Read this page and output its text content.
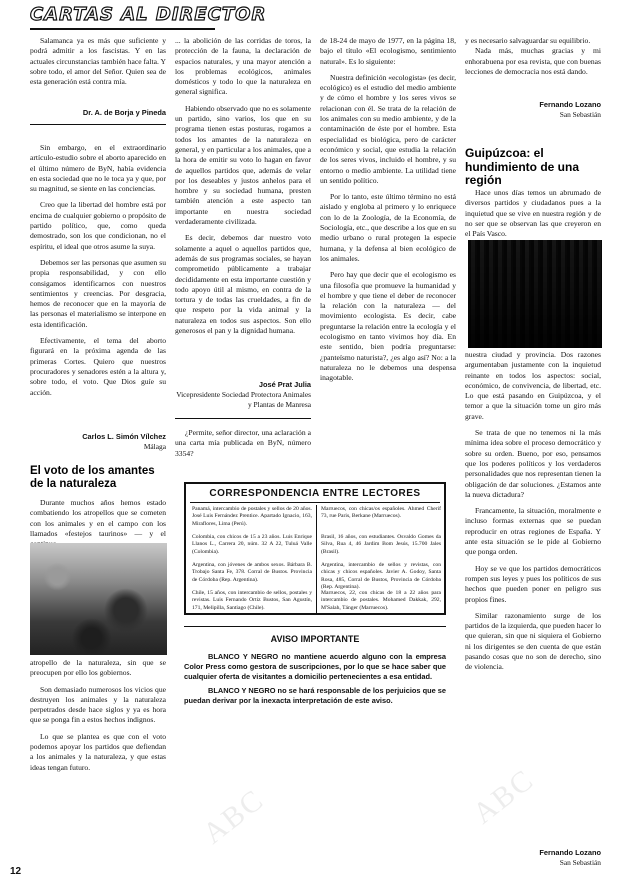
CARTAS AL DIRECTOR

Salamanca ya es más que suficiente y podrá admitir a los fascistas. Y en las actuales circunstancias también hace falta. Y sobre todo, el amor del Señor. Quien sea de esta generación está contra mía.

Dr. A. de Borja y Pineda

Sin embargo, en el extraordinario artículo-estudio sobre el aborto aparecido en el último número de ByN, había evidencia en esta sociedad que no le toca ya y que, por su magnitud, se siente en las conciencias.

Creo que la libertad del hombre está por encima de cualquier gobierno o propósito de partido político, que, como queda demostrado, son los que condicionan, no el espíritu, el ideal que otros asume la suya.

Debemos ser las personas que asumen su propia responsabilidad, y con ello consigamos identificarnos con nuestros sentimientos y creencias. Por desgracia, hemos de reconocer que en la mayoría de las personas el materialismo se interpone en esta identificación.

Efectivamente, el tema del aborto figurará en la próxima agenda de las primeras Cortes. Quiero que nuestros procuradores y senadores estén a la altura y, sobre todo, el voto. Que Dios guíe su acción.

Carlos L. Simón Vílchez
Málaga
El voto de los amantes de la naturaleza

Durante muchos años hemos estado combatiendo los atropellos que se cometen con los animales y en el campo con los llamados «festejos taurinos» — y el

atropello de la naturaleza, sin que se preocupen por ello los gobiernos.

Son demasiado numerosos los vicios que destruyen los animales y la naturaleza perpetrados desde hace siglos y ya es hora que se ponga fin a estos hechos indignos.

Lo que se plantea es que con el voto podemos apoyar los partidos que defiendan a los animales y la naturaleza, y que estas ideas tengan futuro.

... la abolición de las corridas de toros, la protección de la fauna, la declaración de espacios naturales, y una mayor atención a los problemas ecológicos, animales domésticos y todo lo que la naturaleza en general significa.

Habiendo observado que no es solamente un partido, sino varios, los que en su programa tienen estas posturas, rogamos a todos los amantes de la naturaleza en general, y en particular a los animales, que a la hora de emitir su voto lo hagan en favor de aquellos partidos que, además de velar por los deseables y justos anhelos para el hombre y su sociedad humana, presten también atención a este aspecto tan importante en nuestra sociedad verdaderamente civilizada.

Es decir, debemos dar nuestro voto solamente a aquel o aquellos partidos que, además de sus programas sociales, se hayan comprometido públicamente a trabajar decididamente en esta importante cuestión y todo apoyo útil al mismo, en contra de la tortura y de todas las crueldades, a fin de que respeto por la vida animal y la naturaleza en todos sus aspectos. Son ello generosos el pan y la dignidad humana.

José Prat Julia
Vicepresidente Sociedad Protectora Animales y Plantas de Manresa

¿Permite, señor director, una aclaración a una carta mía publicada en ByN, número 3354?

de 18-24 de mayo de 1977, en la página 18, bajo el título «El ecologismo, sentimiento natural». Es lo siguiente:

Nuestra definición «ecologista» (es decir, ecológico) es el estudio del medio ambiente y de cómo el hombre y los seres vivos se relacionan con él. Se trata de la relación de los animales con su medio ambiente, y de la contaminación de éste por el hombre. Esta especialidad es biológica, pero de carácter económico y social, que estudia la relación de los seres vivos, incluido el hombre, y su entorno o medio ambiente. La utilidad tiene un sentido político.

Por lo tanto, este último término no está aislado y engloba al primero y lo enriquece con lo de la Zoología, de la Economía, de Sociología, etc., que describe a los que en su medio urbano o rural protegen la especie humana, y la defensa al bien ecológico de los animales.

Pero hay que decir que el ecologismo es una filosofía que promueve la humanidad y el hombre y que tiene el deber de reconocer la relación con la naturaleza — del movimiento ecologista. Es decir, cabe preguntarse la relación entre la ecología y el ecologismo en tanto vivimos hoy día. En este sentido, bien podría preguntarse: ¿panteísmo naturista?, ¿es algo así? No: a la naturaleza no le debemos una despensa inagotable.

y es necesario salvaguardar su equilibrio.

Nada más, muchas gracias y mi enhorabuena por esa revista, que con buenas lecciones de democracia nos está dando.

Fernando Lozano
San Sebastián
Guipúzcoa: el hundimiento de una región

Hace unos días temos un abrumado de diversos partidos y ciudadanos pues a la inquietud que se vive en nuestra región y de no ser que se observan las que creyeron en el País Vasco.

nuestra ciudad y provincia. Dos razones argumentaban justamente con la inquietud reinante en todos los aspectos: social, económico, de convivencia, de libertad, etc. Lo que está pasando en Guipúzcoa, y el temor a que la situación tome un giro más grave.

Se trata de que no tenemos ni la más mínima idea sobre el proceso democrático y sobre su orden. Bueno, por eso, pensamos que los poderes políticos y los verdaderos personalidades que nos representan tienen la obligación de dar soluciones. ¿Estamos ante la nueva dictadura?

Francamente, la situación, moralmente e incluso formas externas que se puedan reproducir en otras regiones de España. Y ante esta situación se le pide al Gobierno que ponga orden.

Hoy se ve que los partidos democráticos rompen sus leyes y pues los políticos de sus hechos que pueden poner en peligro sus propios fines.

Similar razonamiento surge de los partidos de la izquierda, que pueden hacer lo que quieran, sin que ni siquiera el Gobierno ni los dirigentes se den cuenta de que están pasando cosas que no son de derecho, sino de violencia.

Fernando Lozano
San Sebastián
CORRESPONDENCIA ENTRE LECTORES
Panamá, intercambio de postales y sellos de 20 años. José Luis Fernández Prentice. Apartado Ignacio, 163, Miraflores, Lima (Perú).
Colombia, con chicos de 15 a 23 años. Luis Enrique Llanos L., Carrera 20, núm. 32 A 22, Tuluá Valle (Colombia).
Argentina, con jóvenes de ambos sexos. Bárbara B. Trobajo Santa Fe, 378. Corral de Bustos. Provincia de Córdoba (Rep. Argentina).
Chile, 15 años, con intercambio de sellos, postales y revistas. Luis Fernando Ortiz Bustos, San Agustín, 171, Melipilla, Santiago (Chile).
Marruecos, con chicas/os españoles. Ahmed Cherif 73, rue Paris, Berkane (Marruecos).
Brasil, 16 años, con estudiantes. Osvaldo Gomes da Silva, Rua 4, 46 Jardim Bom Jesús, 15.700 Jales (Brasil).
Argentina, intercambio de sellos y revistas, con chicas y chicos españoles. Javier A. Godoy, Santa Rosa, 485, Corral de Bustos, Provincia de Córdoba (Rep. Argentina).
Marruecos, 22, con chicas de 18 a 22 años para intercambio de postales. Mohamed Dakkak, 292, M'Salah, Tánger (Marruecos).
AVISO IMPORTANTE

BLANCO Y NEGRO no mantiene acuerdo alguno con la empresa Color Press como gestora de suscripciones, por lo que se hace saber que cualquier oferta de visitantes a domicilio pertenecientes a esa entidad.

BLANCO Y NEGRO no se hará responsable de los perjuicios que se puedan derivar por la inexacta interpretación de este aviso.

ABC	ABC
12
